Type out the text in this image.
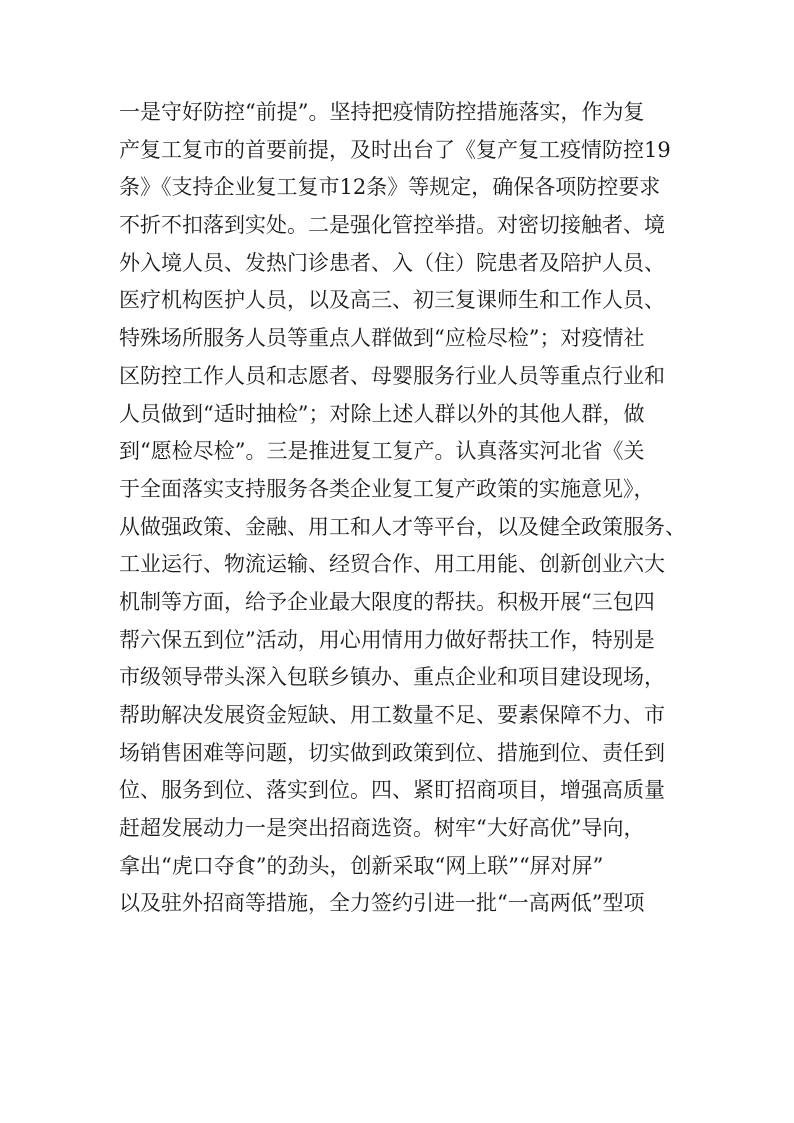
一是守好防控“前提”。坚持把疫情防控措施落实，作为复
产复工复市的首要前提，及时出台了《复产复工疫情防控19
条》《支持企业复工复市12条》等规定，确保各项防控要求
不折不扣落到实处。二是强化管控举措。对密切接触者、境
外入境人员、发热门诊患者、入（住）院患者及陪护人员、
医疗机构医护人员，以及高三、初三复课师生和工作人员、
特殊场所服务人员等重点人群做到“应检尽检”；对疫情社
区防控工作人员和志愿者、母婴服务行业人员等重点行业和
人员做到“适时抽检”；对除上述人群以外的其他人群，做
到“愿检尽检”。三是推进复工复产。认真落实河北省《关
于全面落实支持服务各类企业复工复产政策的实施意见》，
从做强政策、金融、用工和人才等平台，以及健全政策服务、
工业运行、物流运输、经贸合作、用工用能、创新创业六大
机制等方面，给予企业最大限度的帮扶。积极开展“三包四
帮六保五到位”活动，用心用情用力做好帮扶工作，特别是
市级领导带头深入包联乡镇办、重点企业和项目建设现场，
帮助解决发展资金短缺、用工数量不足、要素保障不力、市
场销售困难等问题，切实做到政策到位、措施到位、责任到
位、服务到位、落实到位。四、紧盯招商项目，增强高质量
赶超发展动力一是突出招商选资。树牢“大好高优”导向，
拿出“虎口夺食”的劲头，创新采取“网上联”“屏对屏”
以及驻外招商等措施，全力签约引进一批“一高两低”型项
